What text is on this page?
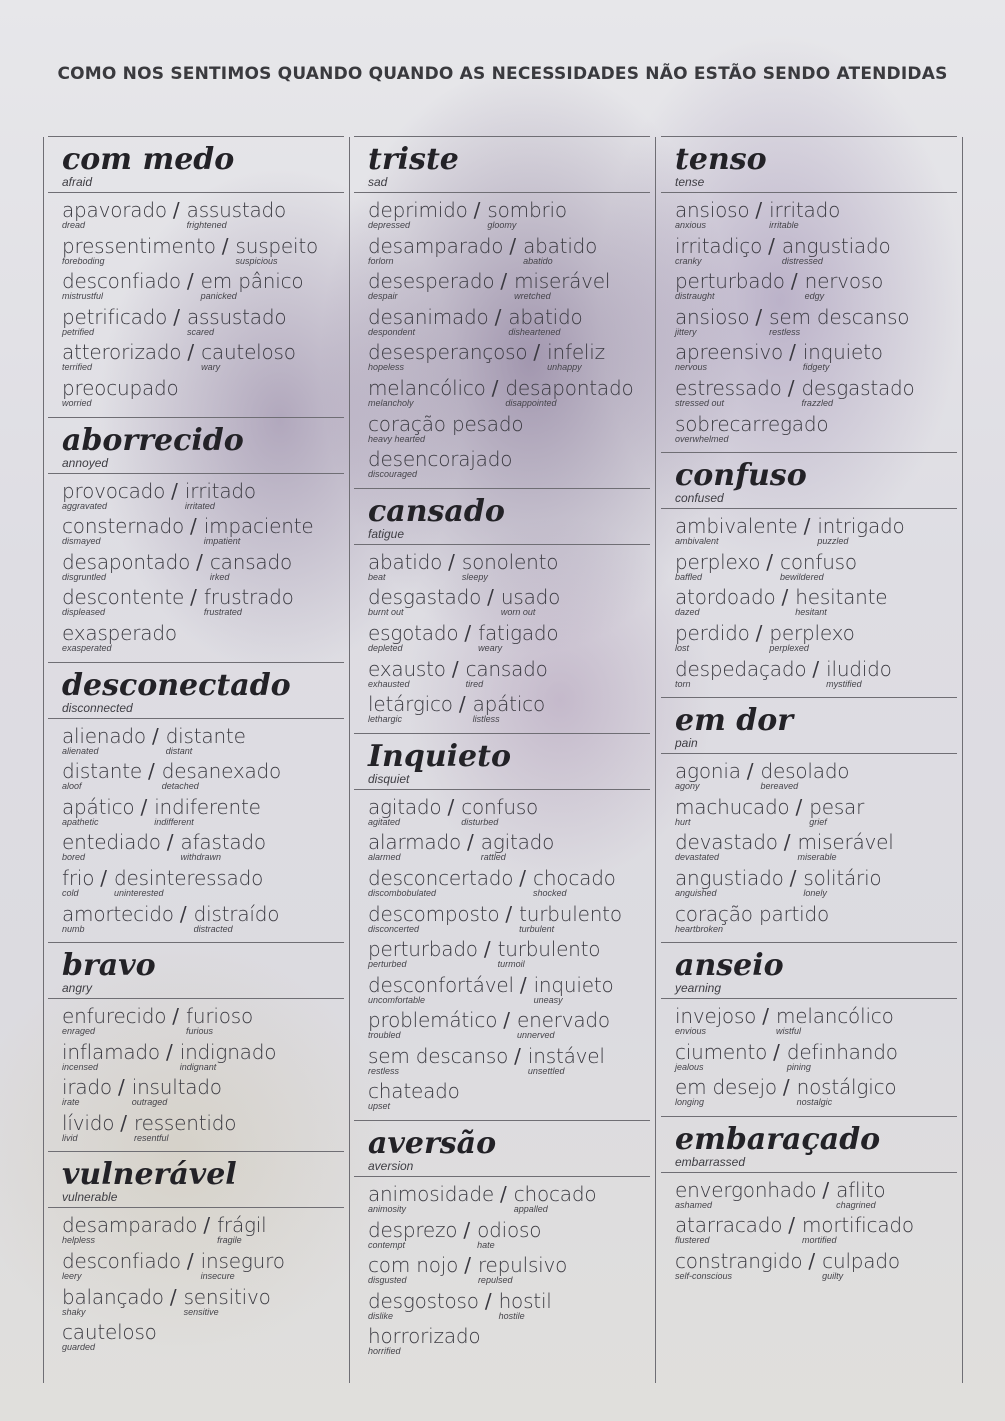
COMO NOS SENTIMOS QUANDO QUANDO AS NECESSIDADES NÃO ESTÃO SENDO ATENDIDAS
com medo
afraid
apavorado
dread
/ assustado
frightened
pressentimento
foreboding
/ suspeito
suspicious
desconfiado
mistrustful
/ em pânico
panicked
petrificado
petrified
/ assustado
scared
atterorizado
terrified
/ cauteloso
wary
preocupado
worried
aborrecido
annoyed
provocado
aggravated
/ irritado
irritated
consternado
dismayed
/ impaciente
impatient
desapontado
disgruntled
/ cansado
irked
descontente
displeased
/ frustrado
frustrated
exasperado
exasperated
desconectado
disconnected
alienado
alienated
/ distante
distant
distante
aloof
/ desanexado
detached
apático
apathetic
/ indiferente
indifferent
entediado
bored
/ afastado
withdrawn
frio
cold
/ desinteressado
uninterested
amortecido
numb
/ distraído
distracted
bravo
angry
enfurecido
enraged
/ furioso
furious
inflamado
incensed
/ indignado
indignant
irado
irate
/ insultado
outraged
lívido
livid
/ ressentido
resentful
vulnerável
vulnerable
desamparado
helpless
/ frágil
fragile
desconfiado
leery
/ inseguro
insecure
balançado
shaky
/ sensitivo
sensitive
cauteloso
guarded
triste
sad
deprimido
depressed
/ sombrio
gloomy
desamparado
forlorn
/ abatido
abatido
desesperado
despair
/ miserável
wretched
desanimado
despondent
/ abatido
disheartened
desesperançoso
hopeless
/ infeliz
unhappy
melancólico
melancholy
/ desapontado
disappointed
coração pesado
heavy hearted
desencorajado
discouraged
cansado
fatigue
abatido
beat
/ sonolento
sleepy
desgastado
burnt out
/ usado
worn out
esgotado
depleted
/ fatigado
weary
exausto
exhausted
/ cansado
tired
letárgico
lethargic
/ apático
listless
Inquieto
disquiet
agitado
agitated
/ confuso
disturbed
alarmado
alarmed
/ agitado
rattled
desconcertado
discombobulated
/ chocado
shocked
descomposto
disconcerted
/ turbulento
turbulent
perturbado
perturbed
/ turbulento
turmoil
desconfortável
uncomfortable
/ inquieto
uneasy
problemático
troubled
/ enervado
unnerved
sem descanso
restless
/ instável
unsettled
chateado
upset
aversão
aversion
animosidade
animosity
/ chocado
appalled
desprezo
contempt
/ odioso
hate
com nojo
disgusted
/ repulsivo
repulsed
desgostoso
dislike
/ hostil
hostile
horrorizado
horrified
tenso
tense
ansioso
anxious
/ irritado
irritable
irritadiço
cranky
/ angustiado
distressed
perturbado
distraught
/ nervoso
edgy
ansioso
jittery
/ sem descanso
restless
apreensivo
nervous
/ inquieto
fidgety
estressado
stressed out
/ desgastado
frazzled
sobrecarregado
overwhelmed
confuso
confused
ambivalente
ambivalent
/ intrigado
puzzled
perplexo
baffled
/ confuso
bewildered
atordoado
dazed
/ hesitante
hesitant
perdido
lost
/ perplexo
perplexed
despedaçado
torn
/ iludido
mystified
em dor
pain
agonia
agony
/ desolado
bereaved
machucado
hurt
/ pesar
grief
devastado
devastated
/ miserável
miserable
angustiado
anguished
/ solitário
lonely
coração partido
heartbroken
anseio
yearning
invejoso
envious
/ melancólico
wistful
ciumento
jealous
/ definhando
pining
em desejo
longing
/ nostálgico
nostalgic
embaraçado
embarrassed
envergonhado
ashamed
/ aflito
chagrined
atarracado
flustered
/ mortificado
mortified
constrangido
self-conscious
/ culpado
guilty
